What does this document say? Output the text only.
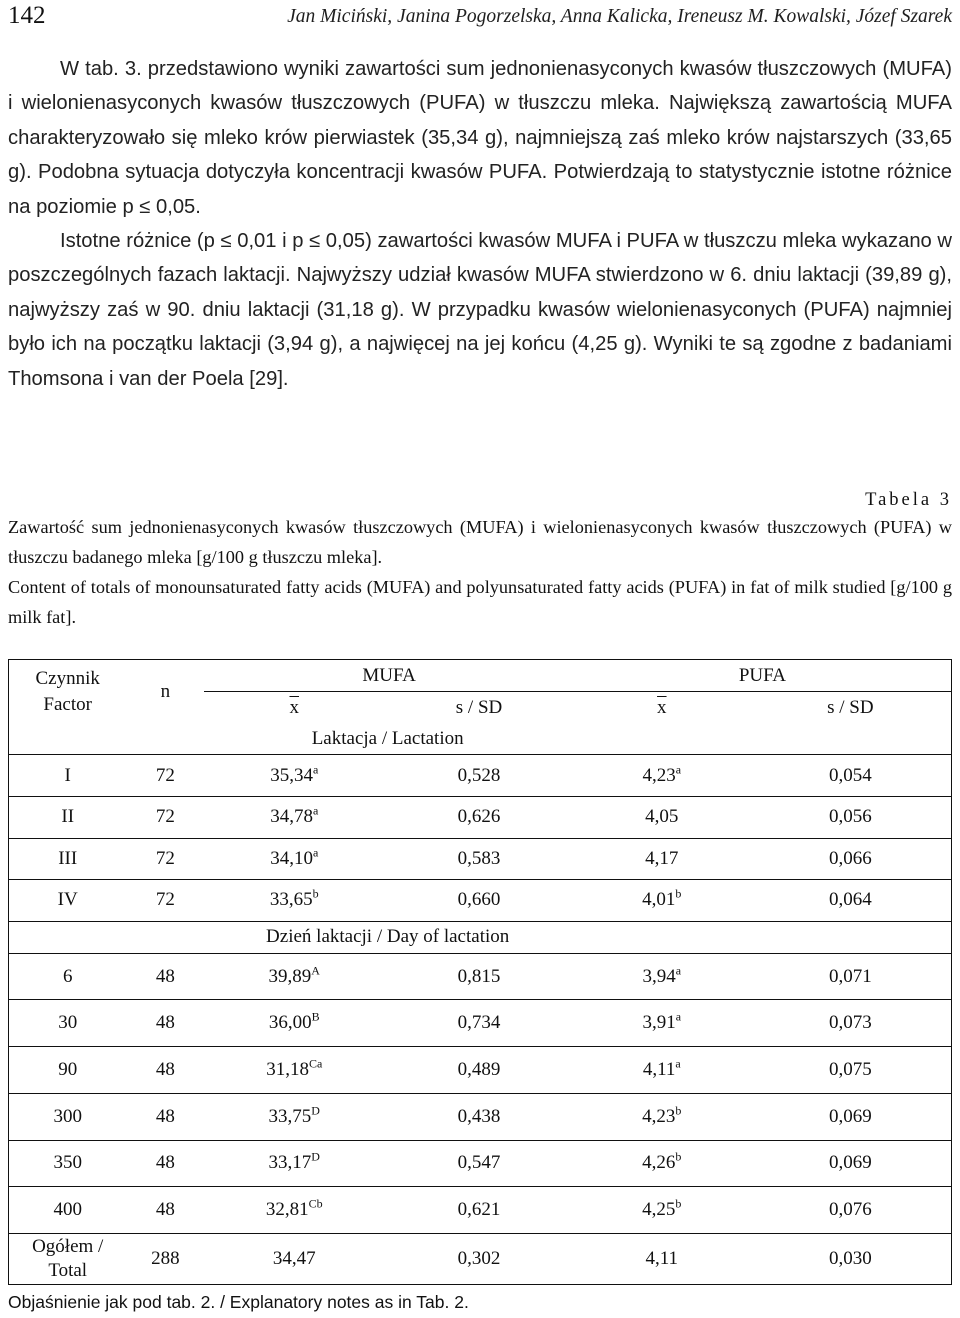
142	Jan Miciński, Janina Pogorzelska, Anna Kalicka, Ireneusz M. Kowalski, Józef Szarek

W tab. 3. przedstawiono wyniki zawartości sum jednonienasyconych kwasów tłuszczowych (MUFA) i wielonienasyconych kwasów tłuszczowych (PUFA) w tłuszczu mleka. Największą zawartością MUFA charakteryzowało się mleko krów pierwiastek (35,34 g), najmniejszą zaś mleko krów najstarszych (33,65 g). Podobna sytuacja dotyczyła koncentracji kwasów PUFA. Potwierdzają to statystycznie istotne różnice na poziomie p ≤ 0,05.

Istotne różnice (p ≤ 0,01 i p ≤ 0,05) zawartości kwasów MUFA i PUFA w tłuszczu mleka wykazano w poszczególnych fazach laktacji. Najwyższy udział kwasów MUFA stwierdzono w 6. dniu laktacji (39,89 g), najwyższy zaś w 90. dniu laktacji (31,18 g). W przypadku kwasów wielonienasyconych (PUFA) najmniej było ich na początku laktacji (3,94 g), a najwięcej na jej końcu (4,25 g). Wyniki te są zgodne z badaniami Thomsona i van der Poela [29].

Tabela 3
Zawartość sum jednonienasyconych kwasów tłuszczowych (MUFA) i wielonienasyconych kwasów tłuszczowych (PUFA) w tłuszczu badanego mleka [g/100 g tłuszczu mleka].
Content of totals of monounsaturated fatty acids (MUFA) and polyunsaturated fatty acids (PUFA) in fat of milk studied [g/100 g milk fat].
Czynnik
Factor	n	MUFA		PUFA	
		$\overline{x}$	s / SD	$\overline{x}$	s / SD
		Laktacja / Lactation			
I	72	35,34$^a$	0,528	4,23$^a$	0,054
II	72	34,78$^a$	0,626	4,05	0,056
III	72	34,10$^a$	0,583	4,17	0,066
IV	72	33,65$^b$	0,660	4,01$^b$	0,064
		Dzień laktacji / Day of lactation			
6	48	$39,89^A$	0,815	3,94$^a$	0,071
30	48	$36,00^B$	0,734	3,91$^a$	0,073
90	48	$31,18^{Ca}$	0,489	4,11$^a$	0,075
300	48	$33,75^D$	0,438	4,23$^b$	0,069
350	48	$33,17^D$	0,547	4,26$^b$	0,069
400	48	$32,81^{Cb}$	0,621	4,25$^b$	0,076
Ogółem /
Total	288	34,47	0,302	4,11	0,030
Objaśnienie jak pod tab. 2. / Explanatory notes as in Tab. 2.
